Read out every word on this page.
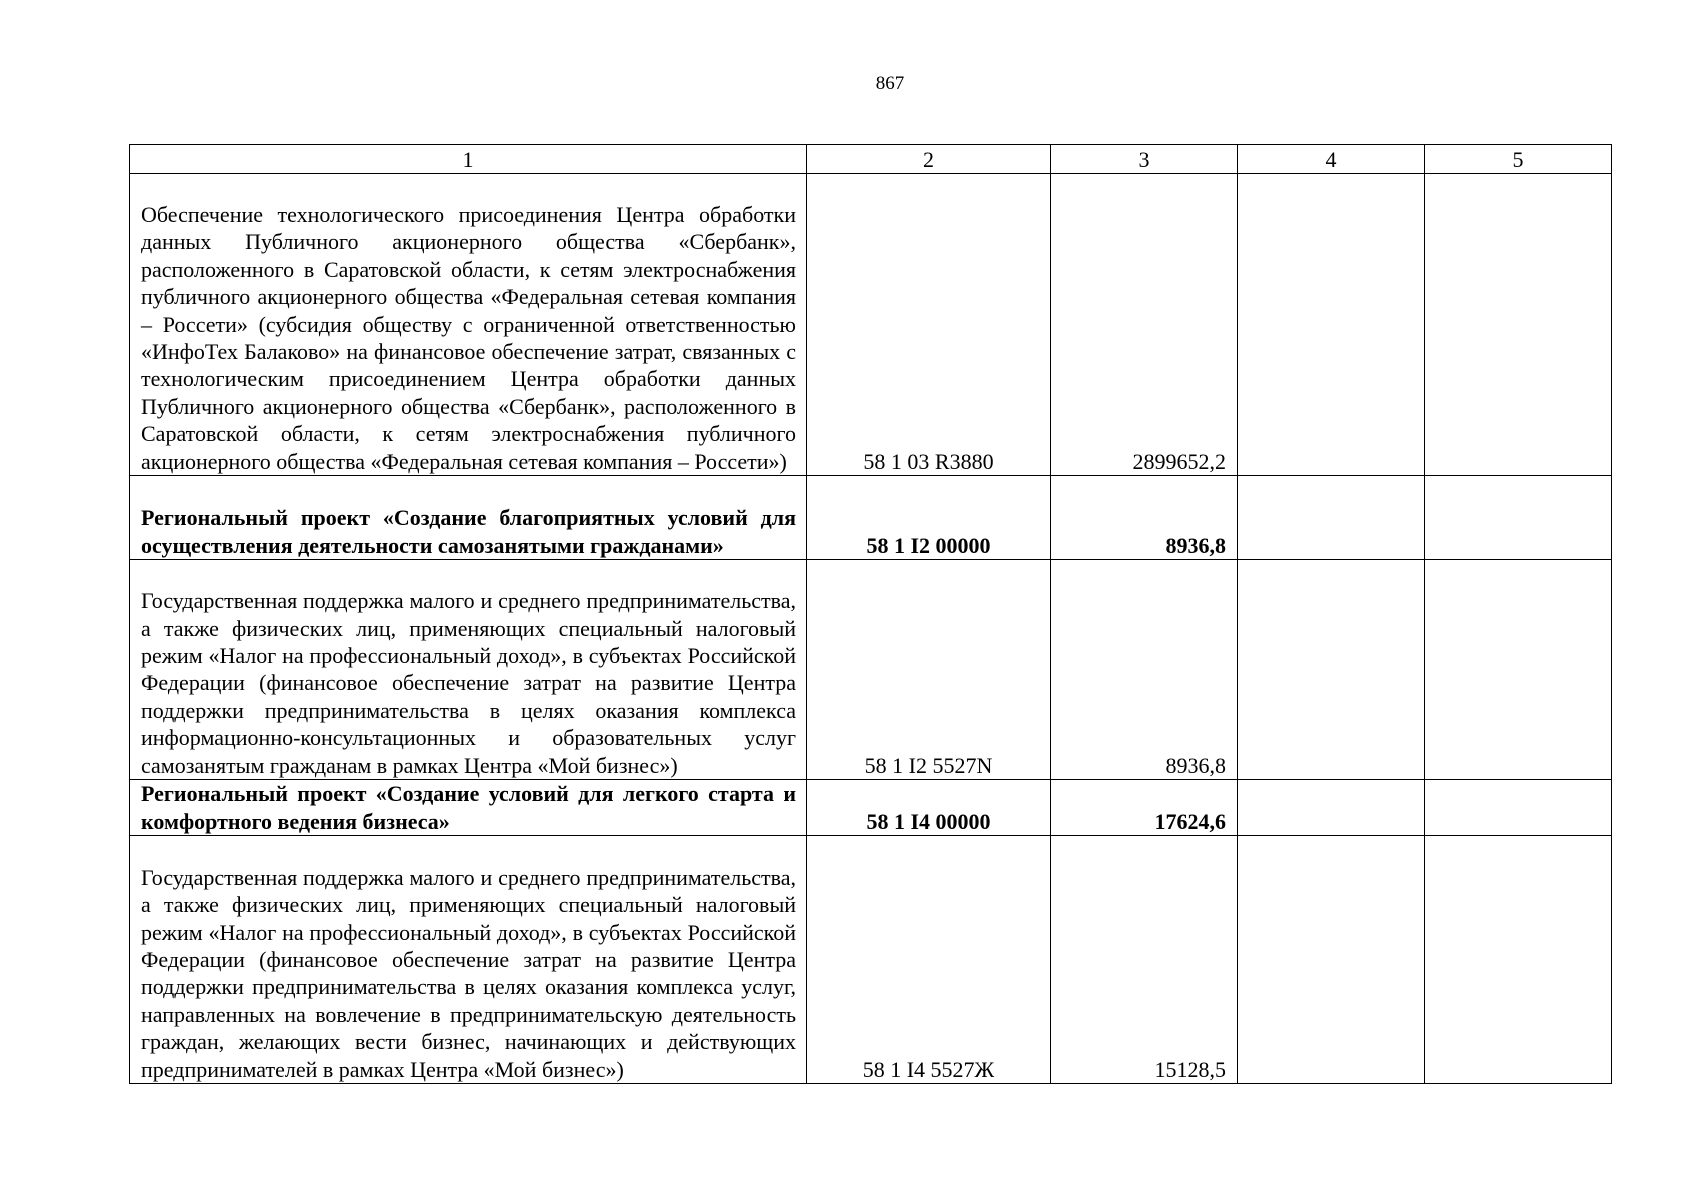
867
1	2	3	4	5
Обеспечение технологического присоединения Центра обработки данных Публичного акционерного общества «Сбербанк», расположенного в Саратовской области, к сетям электроснабжения публичного акционерного общества «Федеральная сетевая компания – Россети» (субсидия обществу с ограниченной ответственностью «ИнфоТех Балаково» на финансовое обеспечение затрат, связанных с технологическим присоединением Центра обработки данных Публичного акционерного общества «Сбербанк», расположенного в Саратовской области, к сетям электроснабжения публичного акционерного общества «Федеральная сетевая компания – Россети»)	58 1 03 R3880	2899652,2		
Региональный проект «Создание благоприятных условий для осуществления деятельности самозанятыми гражданами»	58 1 I2 00000	8936,8		
Государственная поддержка малого и среднего предпринимательства, а также физических лиц, применяющих специальный налоговый режим «Налог на профессиональный доход», в субъектах Российской Федерации (финансовое обеспечение затрат на развитие Центра поддержки предпринимательства в целях оказания комплекса информационно-консультационных и образовательных услуг самозанятым гражданам в рамках Центра «Мой бизнес»)	58 1 I2 5527N	8936,8		
Региональный проект «Создание условий для легкого старта и комфортного ведения бизнеса»	58 1 I4 00000	17624,6		
Государственная поддержка малого и среднего предпринимательства, а также физических лиц, применяющих специальный налоговый режим «Налог на профессиональный доход», в субъектах Российской Федерации (финансовое обеспечение затрат на развитие Центра поддержки предпринимательства в целях оказания комплекса услуг, направленных на вовлечение в предпринимательскую деятельность граждан, желающих вести бизнес, начинающих и действующих предпринимателей в рамках Центра «Мой бизнес»)	58 1 I4 5527Ж	15128,5		
